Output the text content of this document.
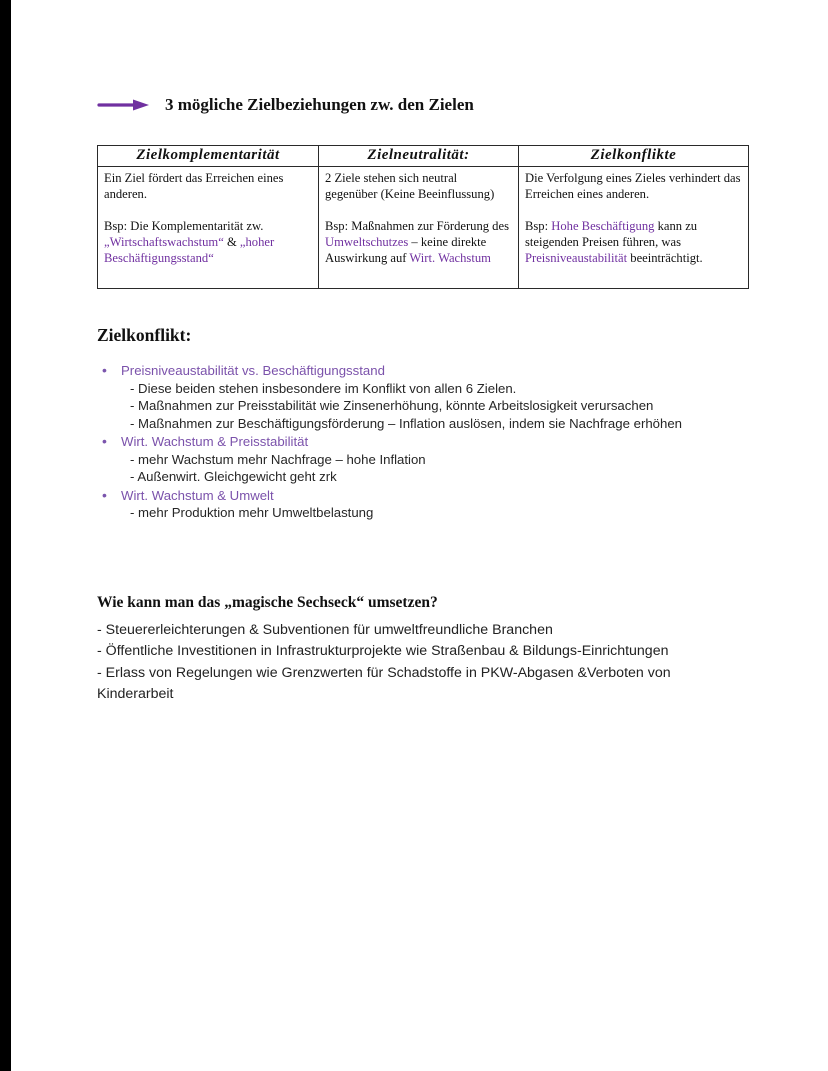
3 mögliche Zielbeziehungen zw. den Zielen
Zielkomplementarität	Zielneutralität:	Zielkonflikte

Ein Ziel fördert das Erreichen eines anderen.
Bsp: Die Komplementarität zw. „Wirtschaftswachstum“ & „hoher Beschäftigungsstand“

2 Ziele stehen sich neutral gegenüber (Keine Beeinflussung)
Bsp: Maßnahmen zur Förderung des Umweltschutzes – keine direkte Auswirkung auf Wirt. Wachstum

Die Verfolgung eines Zieles verhindert das Erreichen eines anderen.
Bsp: Hohe Beschäftigung kann zu steigenden Preisen führen, was Preisniveaustabilität beeinträchtigt.
Zielkonflikt:
• Preisniveaustabilität vs. Beschäftigungsstand
- Diese beiden stehen insbesondere im Konflikt von allen 6 Zielen.
- Maßnahmen zur Preisstabilität wie Zinsenerhöhung, könnte Arbeitslosigkeit verursachen
- Maßnahmen zur Beschäftigungsförderung – Inflation auslösen, indem sie Nachfrage erhöhen
• Wirt. Wachstum & Preisstabilität
- mehr Wachstum mehr Nachfrage – hohe Inflation
- Außenwirt. Gleichgewicht geht zrk
• Wirt. Wachstum & Umwelt
- mehr Produktion mehr Umweltbelastung
Wie kann man das „magische Sechseck“ umsetzen?

- Steuererleichterungen & Subventionen für umweltfreundliche Branchen

- Öffentliche Investitionen in Infrastrukturprojekte wie Straßenbau & Bildungs-Einrichtungen

- Erlass von Regelungen wie Grenzwerten für Schadstoffe in PKW-Abgasen &Verboten von Kinderarbeit
